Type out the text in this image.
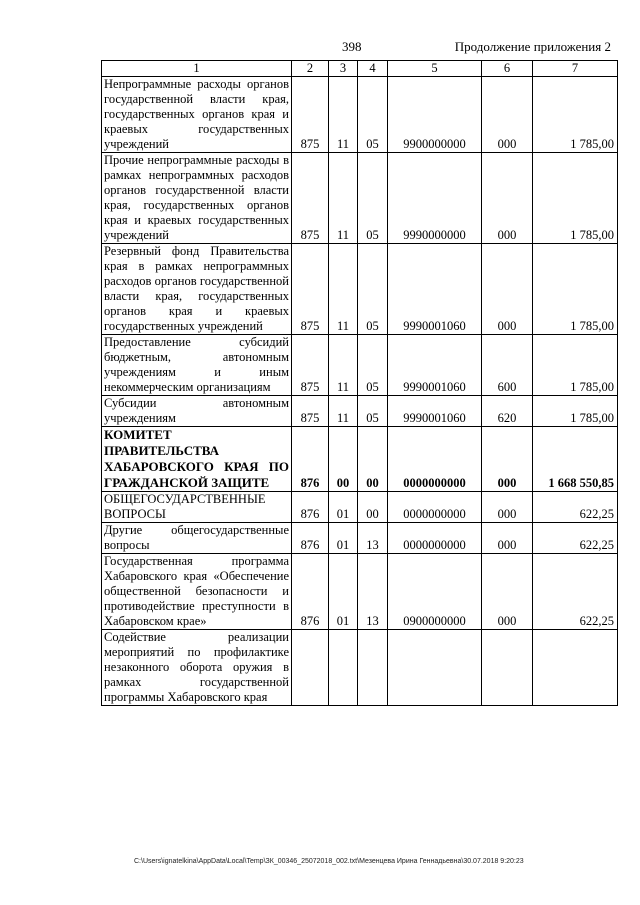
398	Продолжение приложения 2
1	2	3	4	5	6	7
Непрограммные расходы органов государственной власти края, государственных органов края и краевых государственных учреждений	875	11	05	9900000000	000	1 785,00
Прочие непрограммные расходы в рамках непрограммных расходов органов государственной власти края, государственных органов края и краевых государственных учреждений	875	11	05	9990000000	000	1 785,00
Резервный фонд Правительства края в рамках непрограммных расходов органов государственной власти края, государственных органов края и краевых государственных учреждений	875	11	05	9990001060	000	1 785,00
Предоставление субсидий бюджетным, автономным учреждениям и иным некоммерческим организациям	875	11	05	9990001060	600	1 785,00
Субсидии автономным учреждениям	875	11	05	9990001060	620	1 785,00
КОМИТЕТ ПРАВИТЕЛЬСТВА ХАБАРОВСКОГО КРАЯ ПО ГРАЖДАНСКОЙ ЗАЩИТЕ	876	00	00	0000000000	000	1 668 550,85
ОБЩЕГОСУДАРСТВЕННЫЕ ВОПРОСЫ	876	01	00	0000000000	000	622,25
Другие общегосударственные вопросы	876	01	13	0000000000	000	622,25
Государственная программа Хабаровского края «Обеспечение общественной безопасности и противодействие преступности в Хабаровском крае»	876	01	13	0900000000	000	622,25
Содействие реализации мероприятий по профилактике незаконного оборота оружия в рамках государственной программы Хабаровского края						
C:\Users\ignatelkina\AppData\Local\Temp\ЗК_00346_25072018_002.txt\Мезенцева Ирина Геннадьевна\30.07.2018 9:20:23
